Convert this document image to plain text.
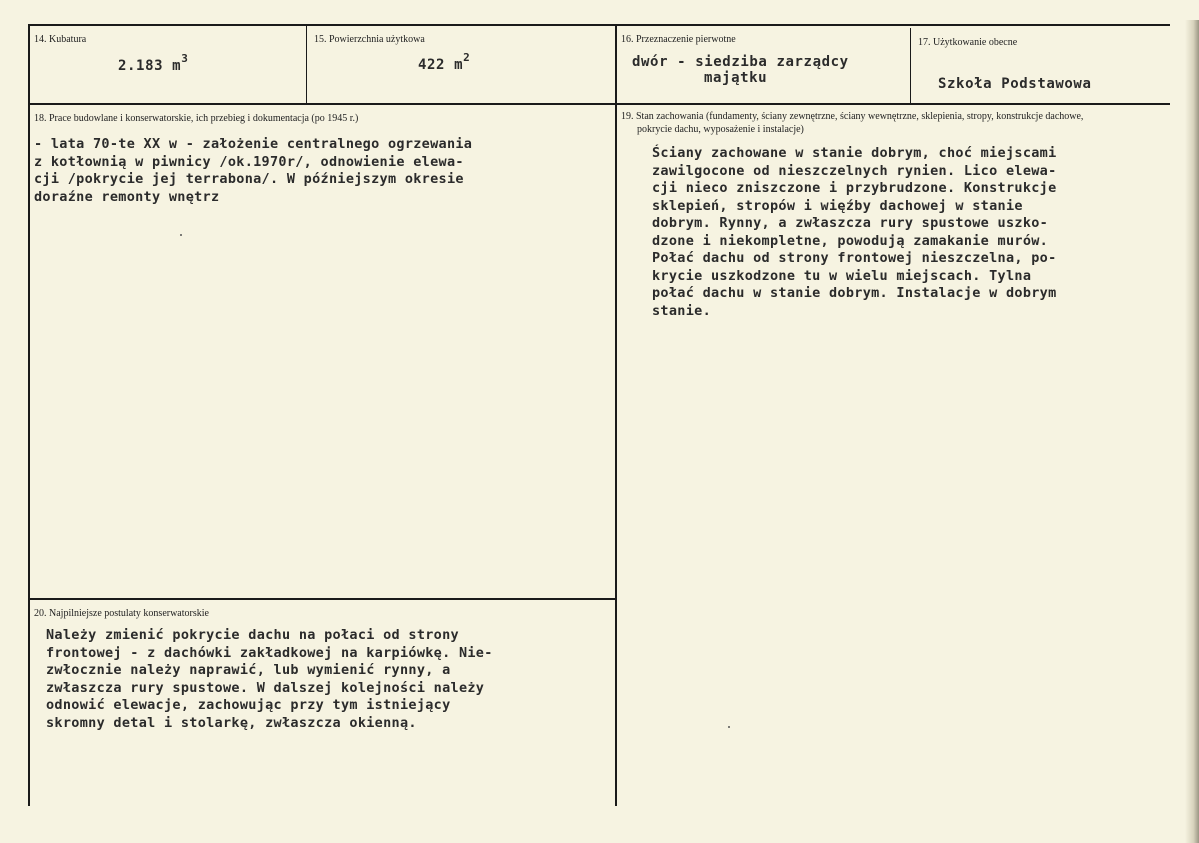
14. Kubatura
2.183 $m^3$
15. Powierzchnia użytkowa
422 $m^2$
16. Przeznaczenie pierwotne
dwór - siedziba zarządcy
majątku
17. Użytkowanie obecne
Szkoła Podstawowa
18. Prace budowlane i konserwatorskie, ich przebieg i dokumentacja (po 1945 r.)
- lata 70-te XX w - założenie centralnego ogrzewania
z kotłownią w piwnicy /ok.1970r/, odnowienie elewa-
cji /pokrycie jej terrabona/. W późniejszym okresie
doraźne remonty wnętrz
19. Stan zachowania (fundamenty, ściany zewnętrzne, ściany wewnętrzne, sklepienia, stropy, konstrukcje dachowe,
pokrycie dachu, wyposażenie i instalacje)
Ściany zachowane w stanie dobrym, choć miejscami
zawilgocone od nieszczelnych rynien. Lico elewa-
cji nieco zniszczone i przybrudzone. Konstrukcje
sklepień, stropów i więźby dachowej w stanie
dobrym. Rynny, a zwłaszcza rury spustowe uszko-
dzone i niekompletne, powodują zamakanie murów.
Połać dachu od strony frontowej nieszczelna, po-
krycie uszkodzone tu w wielu miejscach. Tylna
połać dachu w stanie dobrym. Instalacje w dobrym
stanie.
20. Najpilniejsze postulaty konserwatorskie
Należy zmienić pokrycie dachu na połaci od strony
frontowej - z dachówki zakładkowej na karpiówkę. Nie-
zwłocznie należy naprawić, lub wymienić rynny, a
zwłaszcza rury spustowe. W dalszej kolejności należy
odnowić elewacje, zachowując przy tym istniejący
skromny detal i stolarkę, zwłaszcza okienną.
